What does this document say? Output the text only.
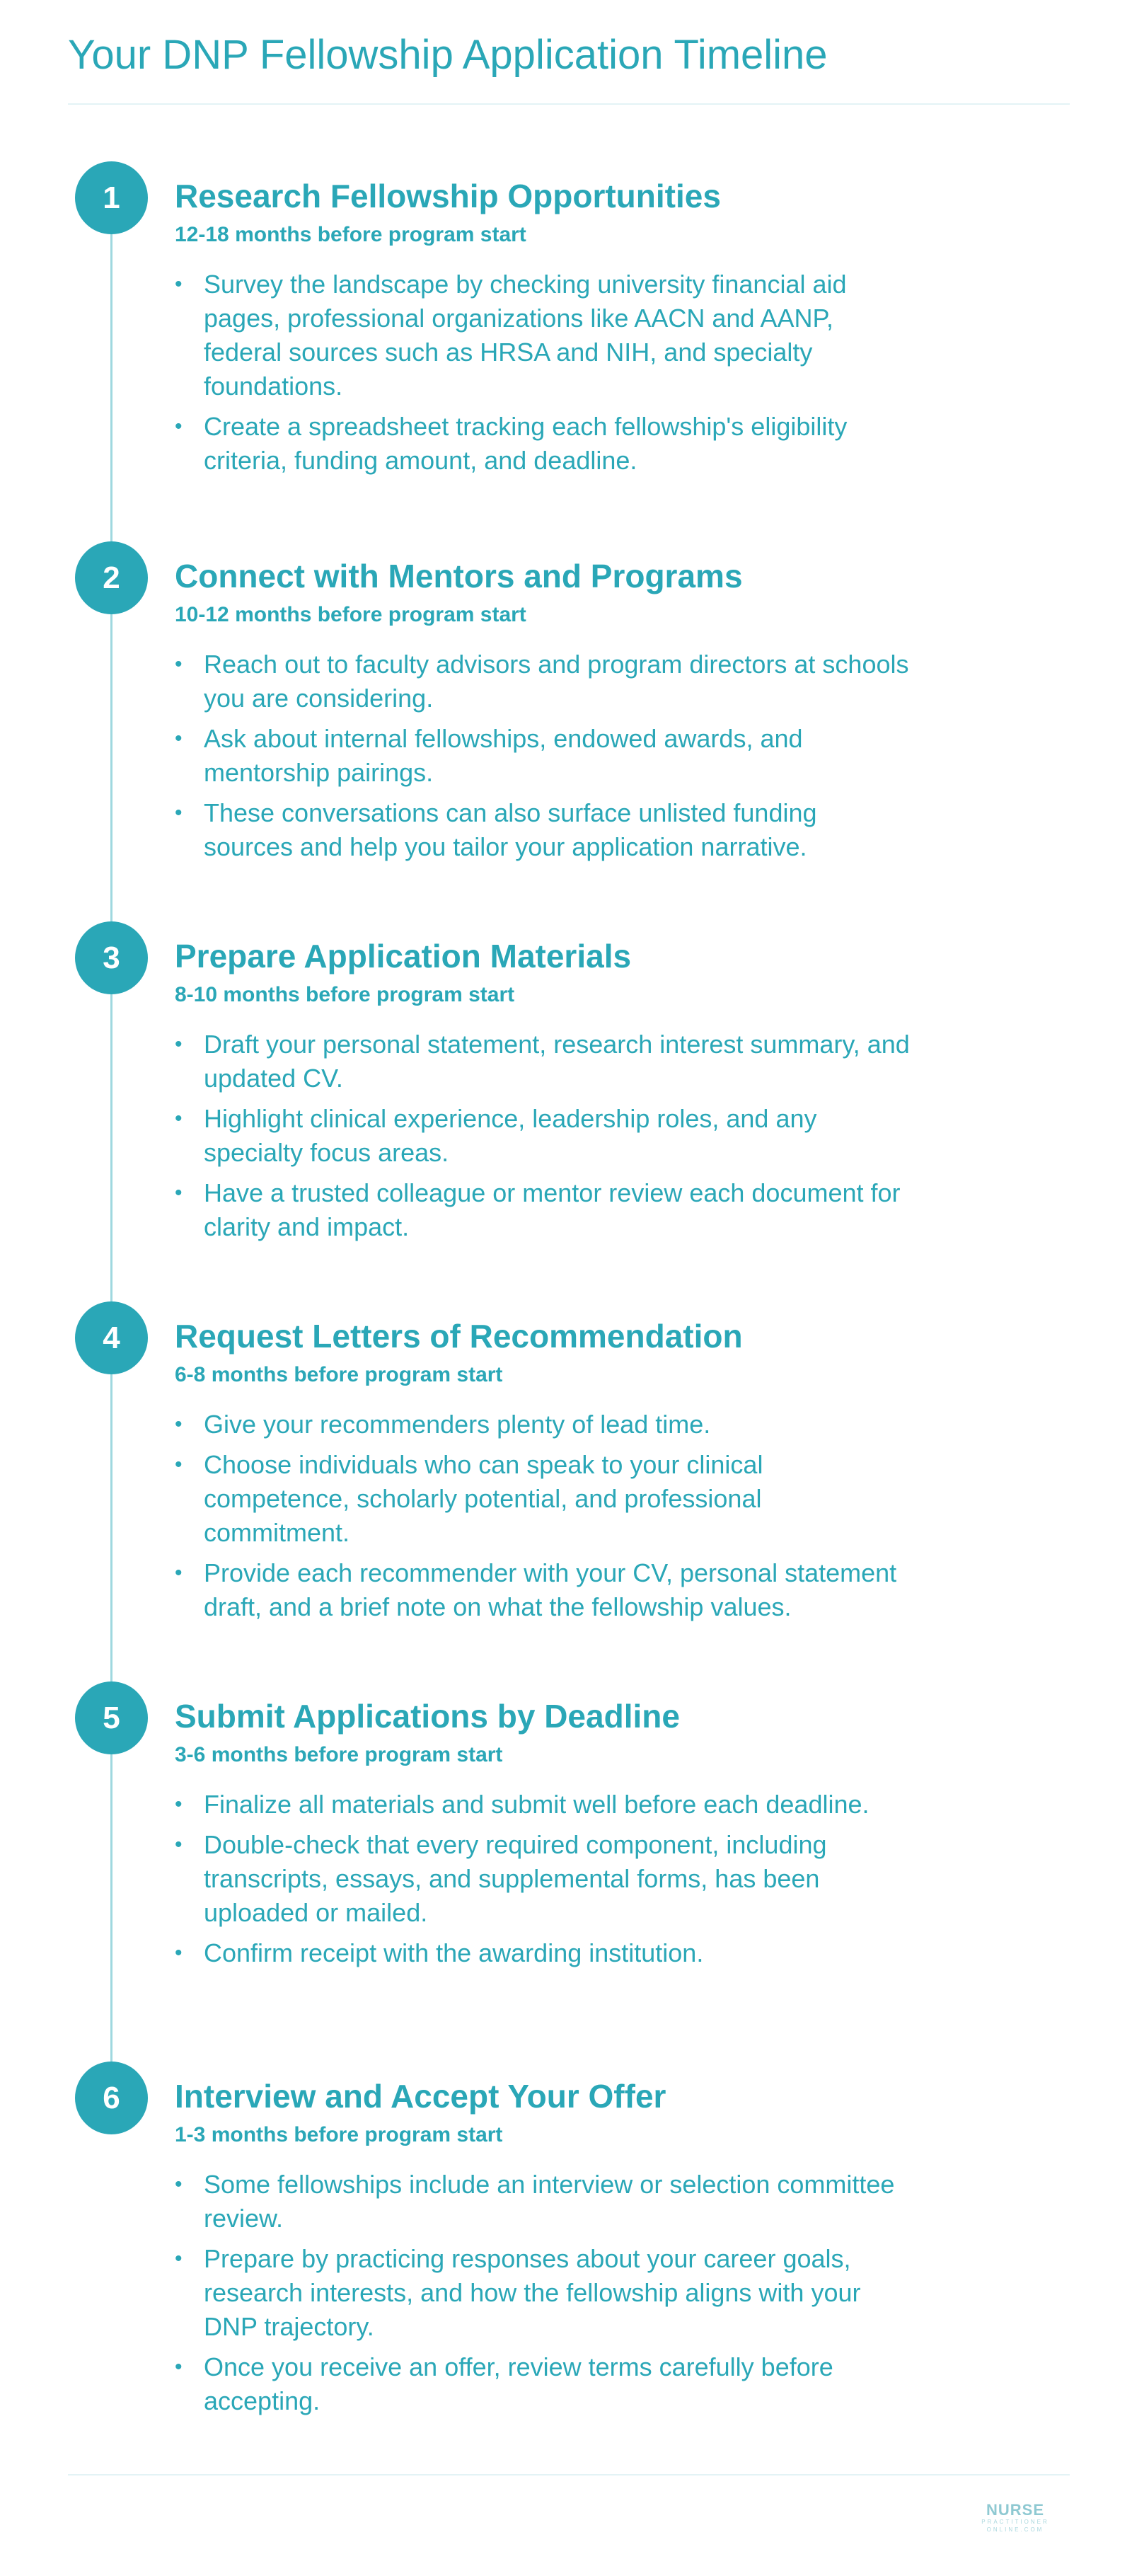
Your DNP Fellowship Application Timeline
1	Research Fellowship Opportunities
12-18 months before program start
• Survey the landscape by checking university financial aid pages, professional organizations like AACN and AANP, federal sources such as HRSA and NIH, and specialty foundations.
• Create a spreadsheet tracking each fellowship's eligibility criteria, funding amount, and deadline.
2	Connect with Mentors and Programs
10-12 months before program start
• Reach out to faculty advisors and program directors at schools you are considering.
• Ask about internal fellowships, endowed awards, and mentorship pairings.
• These conversations can also surface unlisted funding sources and help you tailor your application narrative.
3	Prepare Application Materials
8-10 months before program start
• Draft your personal statement, research interest summary, and updated CV.
• Highlight clinical experience, leadership roles, and any specialty focus areas.
• Have a trusted colleague or mentor review each document for clarity and impact.
4	Request Letters of Recommendation
6-8 months before program start
• Give your recommenders plenty of lead time.
• Choose individuals who can speak to your clinical competence, scholarly potential, and professional commitment.
• Provide each recommender with your CV, personal statement draft, and a brief note on what the fellowship values.
5	Submit Applications by Deadline
3-6 months before program start
• Finalize all materials and submit well before each deadline.
• Double-check that every required component, including transcripts, essays, and supplemental forms, has been uploaded or mailed.
• Confirm receipt with the awarding institution.
6	Interview and Accept Your Offer
1-3 months before program start
• Some fellowships include an interview or selection committee review.
• Prepare by practicing responses about your career goals, research interests, and how the fellowship aligns with your DNP trajectory.
• Once you receive an offer, review terms carefully before accepting.
NURSE
PRACTITIONER
ONLINE.COM
